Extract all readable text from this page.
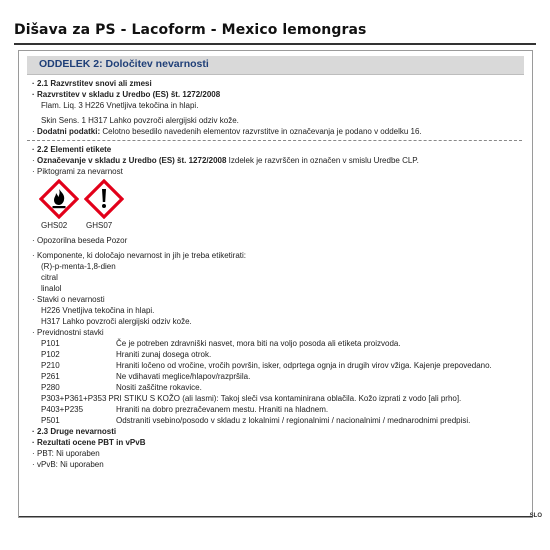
Dišava za PS - Lacoform - Mexico lemongras
ODDELEK 2: Določitev nevarnosti
· 2.1 Razvrstitev snovi ali zmesi
· Razvrstitev v skladu z Uredbo (ES) št. 1272/2008
Flam. Liq. 3 H226 Vnetljiva tekočina in hlapi.
Skin Sens. 1 H317 Lahko povzroči alergijski odziv kože.
· Dodatni podatki: Celotno besedilo navedenih elementov razvrstitve in označevanja je podano v oddelku 16.
· 2.2 Elementi etikete
· Označevanje v skladu z Uredbo (ES) št. 1272/2008 Izdelek je razvrščen in označen v smislu Uredbe CLP.
· Piktogrami za nevarnost
GHS02	GHS07
· Opozorilna beseda Pozor
· Komponente, ki določajo nevarnost in jih je treba etiketirati:
(R)-p-menta-1,8-dien
citral
linalol
· Stavki o nevarnosti
H226 Vnetljiva tekočina in hlapi.
H317 Lahko povzroči alergijski odziv kože.
· Previdnostni stavki
P101	Če je potreben zdravniški nasvet, mora biti na voljo posoda ali etiketa proizvoda.
P102	Hraniti zunaj dosega otrok.
P210	Hraniti ločeno od vročine, vročih površin, isker, odprtega ognja in drugih virov vžiga. Kajenje prepovedano.
P261	Ne vdihavati meglice/hlapov/razpršila.
P280	Nositi zaščitne rokavice.
P303+P361+P353 PRI STIKU S KOŽO (ali lasmi): Takoj sleči vsa kontaminirana oblačila. Kožo izprati z vodo [ali prho].
P403+P235	Hraniti na dobro prezračevanem mestu. Hraniti na hladnem.
P501	Odstraniti vsebino/posodo v skladu z lokalnimi / regionalnimi / nacionalnimi / mednarodnimi predpisi.
· 2.3 Druge nevarnosti
· Rezultati ocene PBT in vPvB
· PBT: Ni uporaben
· vPvB: Ni uporaben
SLO
